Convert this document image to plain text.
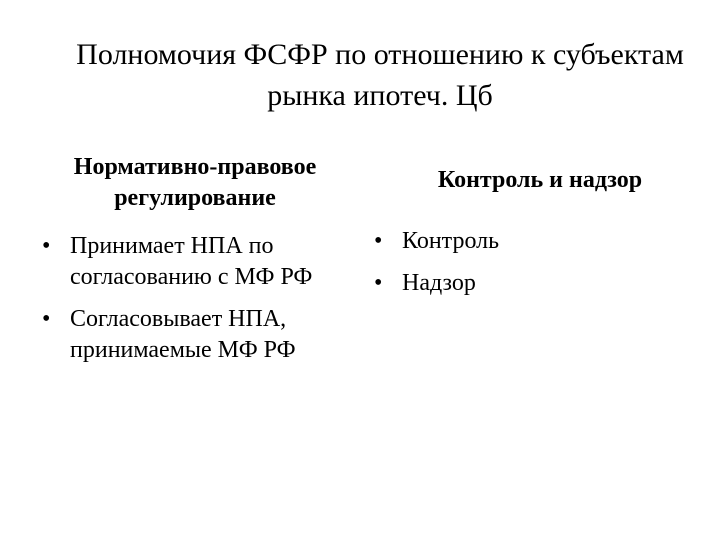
Полномочия ФСФР по отношению к субъектам рынка ипотеч. Цб
Нормативно-правовое регулирование
Контроль и надзор
• Принимает НПА по согласованию с МФ РФ
• Согласовывает НПА, принимаемые МФ РФ
• Контроль
• Надзор
